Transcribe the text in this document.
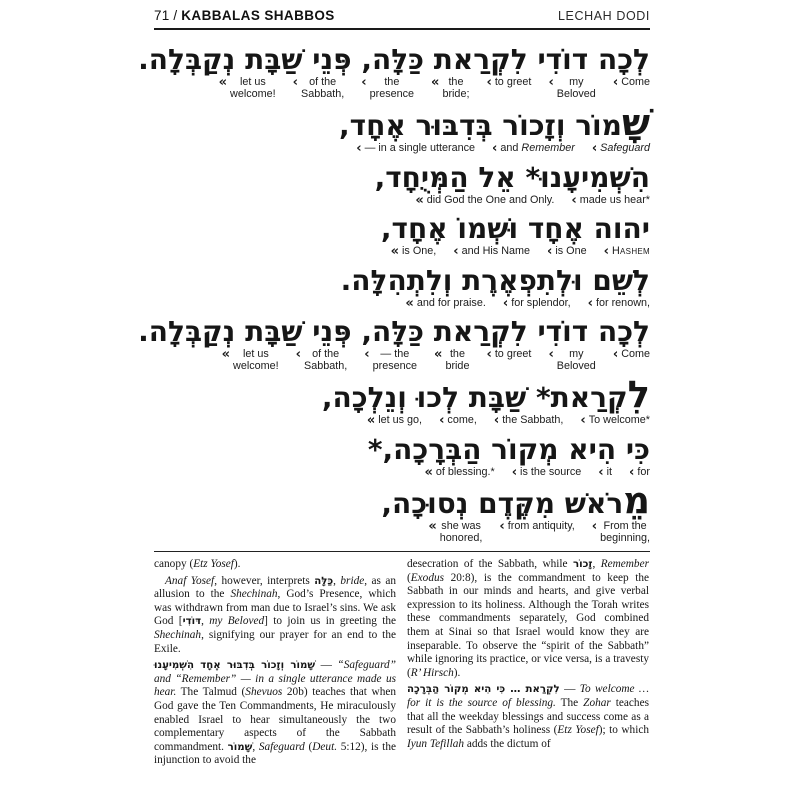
71 / KABBALAS SHABBOS	LECHAH DODI
לְכָה דוֹדִי לִקְרַאת כַּלָּה, פְּנֵי שַׁבָּת נְקַבְּלָה.
« let us
welcome!
‹ of the
Sabbath,
‹ the
presence
« the
bride;
‹ to greet ‹ my
Beloved
‹ Come
שָׁמוֹר וְזָכוֹר בְּדִבּוּר אֶחָד,
‹ — in a single utterance ‹ and Remember ‹ Safeguard
הִשְׁמִיעָנוּ* אֵל הַמְּיֻחָד,
« did God the One and Only. ‹ made us hear*
יהוה אֶחָד וּשְׁמוֹ אֶחָד,
« is One, ‹ and His Name ‹ is One ‹ Hashem
לְשֵׁם וּלְתִפְאֶרֶת וְלִתְהִלָּה.
« and for praise. ‹ for splendor, ‹ for renown,
לְכָה דוֹדִי לִקְרַאת כַּלָּה, פְּנֵי שַׁבָּת נְקַבְּלָה.
« let us
welcome!
‹ of the
Sabbath,
‹ — the
presence
« the
bride
‹ to greet ‹ my
Beloved
‹ Come
לִקְרַאת* שַׁבָּת לְכוּ וְנֵלְכָה,
« let us go, ‹ come, ‹ the Sabbath, ‹ To welcome*
כִּי הִיא מְקוֹר הַבְּרָכָה,*
« of blessing.* ‹ is the source ‹ it ‹ for
מֵרֹאשׁ מִקֶּדֶם נְסוּכָה,
« she was
honored,
‹ from antiquity, ‹ From the
beginning,

canopy (Etz Yosef).

Anaf Yosef, however, interprets כַּלָּה, bride, as an allusion to the Shechinah, God’s Presence, which was withdrawn from man due to Israel’s sins. We ask God [דּוֹדִי, my Beloved] to join us in greeting the Shechinah, signifying our prayer for an end to the Exile.

שָׁמוֹר וְזָכוֹר בְּדִבּוּר אֶחָד הִשְׁמִיעָנוּ — “Safeguard” and “Remember” — in a single utterance made us hear. The Talmud (Shevuos 20b) teaches that when God gave the Ten Commandments, He miraculously enabled Israel to hear simultaneously the two complementary aspects of the Sabbath commandment. שָׁמוֹר, Safeguard (Deut. 5:12), is the injunction to avoid the

desecration of the Sabbath, while זָכוֹר, Remember (Exodus 20:8), is the commandment to keep the Sabbath in our minds and hearts, and give verbal expression to its holiness. Although the Torah writes these commandments separately, God combined them at Sinai so that Israel would know they are inseparable. To observe the “spirit of the Sabbath” while ignoring its practice, or vice versa, is a travesty (R’ Hirsch).

לִקְרַאת … כִּי הִיא מְקוֹר הַבְּרָכָה — To welcome … for it is the source of blessing. The Zohar teaches that all the weekday blessings and success come as a result of the Sabbath’s holiness (Etz Yosef); to which Iyun Tefillah adds the dictum of
